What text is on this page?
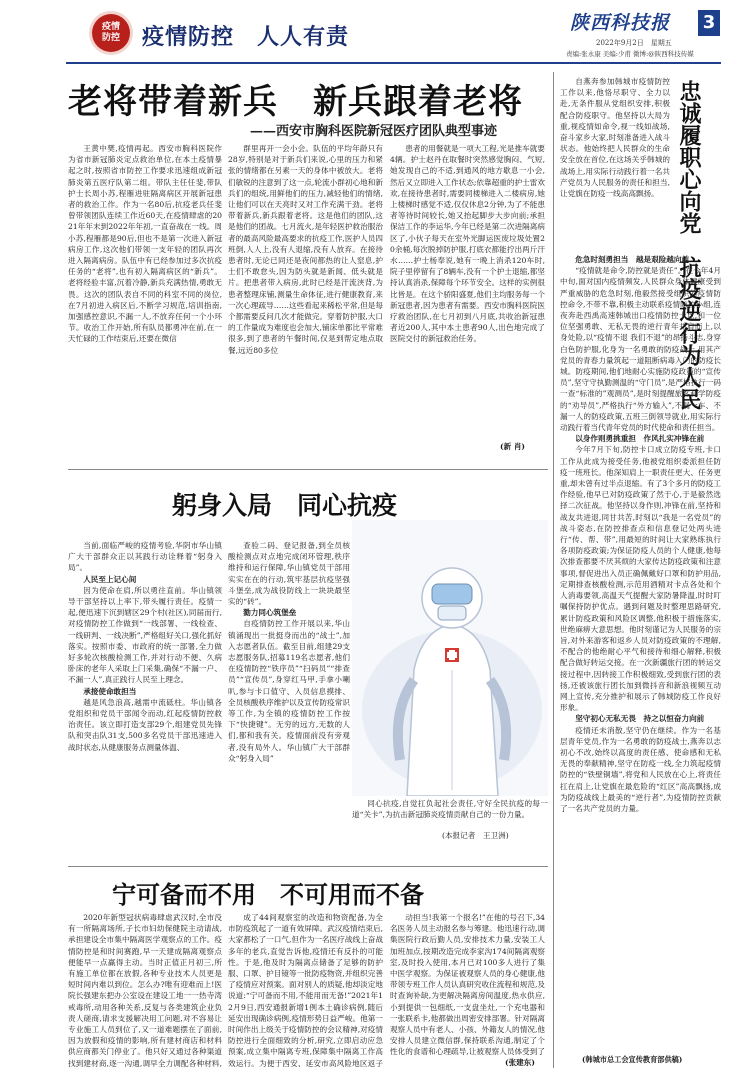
疫情
防控	疫情防控　人人有责
陕西科技报 3
2022年9月2日　星期五
责编:张永康 美编:少甫 微博:@陕西科技传媒
老将带着新兵　新兵跟着老将
——西安市胸科医院新冠医疗团队典型事迹

王黄中樊,疫情再起。西安市胸科医院作为省市新冠肺炎定点救治单位,在本土疫情暴起之时,按照省市防控工作要求迅速组成新冠肺炎第五医疗队第二组。带队主任任斐,带队护士长周小苏,程雁进驻隔离病区开展新冠患者的救治工作。作为一名80后,抗疫老兵任斐曾带领团队连续工作近60天,在疫情肆虐的2021年年末到2022年年初,一直奋战在一线。周小苏,程雁都是90后,但也不是第一次进入新冠病房工作,这次他们带领一支年轻的团队再次进入隔离病房。队伍中有已经参加过多次抗疫任务的“老将”,也有初入隔离病区的“新兵”。老将经验丰富,沉着冷静,新兵充满热情,勇敢无畏。这次的团队表自不同的科室不同的岗位,在7月初进入病区后,不断学习规范,培训指南,加强感控意识,不漏一人,不放弃任何一个小环节。收治工作开始,所有队员都勇冲在前,在一天忙碌的工作结束后,还要在微信

群里再开一会小会。队伍的平均年龄只有28岁,特别是对于新兵们来说,心里的压力和紧张的情绪都在另素一天的身体中被放大。老将们敏锐的注意到了这一点,轮流小群初心地和新兵们的组统,用鲜他们的压力,减轻他们的情绪,让他们可以在天亮时又对工作充满干劲。老将带着新兵,新兵跟着老将。这是他们的团队,这是他们的团战。七月流火,是年轻医护救治服治者的最高风险最高要求的抗疫工作,医护人员四班倒,人人上,没有人退缩,没有人放弃。在接待患者时,无论已同还是夜间都热的让人窒息,护士们不敢怠头,因为防头就是新闻、低头就是片。把患者带入病房,此时已经是汗流浃背,为患者整理床铺,测量生命体征,进行健康教育,来一次心理疏导……这些看起来稀松平常,但是每个都需要反问几次才能做完。穿着防护服,大口的工作量成为难度也会加大,铺床单都比平常难很多,到了患者的午餐时间,仅是到帮定地点取餐,远近80多位

患者的用餐就是一项大工程,光是推车就要4辆。护士赵丹在取餐时突然感觉胸闷、气短,她发现自己的不适,到通风的地方歇息一小会,然后又立即进入工作状态;依靠超重的护士雷欢欢,在接待患者时,需要同楼梯进入二楼病房,她上楼梯时感觉不适,仅仅休息2分钟,为了不能患者等待时间较长,她又抬起脚步大步向前;承担保洁工作的李运华,今年已经是第二次进隔离病区了,小伙子每天在室外光脚运医废垃圾处置20余桶,每次脱掉防护服,打底衣都能拧出两斤汗水……护士杨奉说,她有一晚上消杀120车时,院子里停留有了8辆车,没有一个护士退缩,都坚持认真消杀,保障每个环节安全。这样的实例很比皆是。在这个骄阳盛夏,他们主均服务每一个新冠患者,因为患者有需要。西安市胸科医院医疗救治团队,在七月初到八月底,共收治新冠患者近200人,其中本土患者90人,出色地完成了医院交付的新冠救治任务。

(新 肖)
躬身入局　同心抗疫

当前,面临严峻的疫情考验,华阴市华山镇广大干部群众正以其践行动诠释着“躬身入局”。

人民至上记心间

因为使命在肩,所以勇往直前。华山镇领导干部坚持以上率下,带头履行责任。疫情一起,便迅速下沉到辖区29个村(社区),同届而行,对疫情防控工作做到“一线部署、一线检查、一线研判、一线决断”,严格组好关口,强化抓好落实。按照市委、市政府的统一部署,全力做好多轮次核酸检测工作,并对行动不便、久病卧床的老年人采取上门采集,确保“不漏一户、不漏一人”,真正践行人民至上理念。

承接使命敢担当

越是风急浪高,越需中流砥柱。华山镇各党组织和党员干部闻令而动,红起疫情防控救治责任。该立即打造支部29个,组建党员先锋队和突击队31支,500多名党员干部迅速进入战时状态,从健康服务点测量体温、

查验二码、登记报备,到全员核酸检测点对点地完成闭环管理,秩序维持和运行保障,华山镇党员干部用实实在在的行动,筑牢基层抗疫坚强斗堡垒,成为战役防线上一块块最坚实的“砖”。

勠力同心筑堡垒

自疫情防控工作开展以来,华山镇涌现出一批挺身而出的“战士”,加入志愿者队伍。截至目前,组建29支志愿服务队,招募119名志愿者,他们在疫情防控“铁序员”“扫码员”“排查员”“宣传员”,身穿红马甲,手拿小喇叭,参与卡口值守、入员信息摸排、全员核酸秩序维护以及宣传防疫常识等工作,为全镇的疫情防控工作按下“快捷键”。无穷的远方,无数的人们,都和我有关。疫情面前没有旁观者,没有局外人。华山镇广大干部群众“躬身入局”

同心抗疫,自觉扛负起社会责任,守好全民抗疫的每一道“关卡”,为抗击新冠肺炎疫情贡献自己的一份力量。

(本报记者　王卫洲)
宁可备而不用　不可用而不备

2020年新型冠状病毒肆虐武汉时,全市没有一所隔离场所,子长市妇幼保健院主动请战,承担建设全市集中隔离医学观察点的工作。疫情防控是和时间赛跑,早一天建成隔离观察点便能早一点赢得主动。当时正值正月初三,所有施工单位都在放假,各种专业技术人员更是短时间内难以到位。怎么办?唯有迎难而上!医院长强建东把办公室设在建设工地一一热寺湾戒毒所,动用各种关系,反复与各类建筑企业负责人磋商,请求支援解决用工问题,对不容易让专业施工人员到位了,又一道难题摆在了面前,因为放假和疫情的影响,所有建材商店和材料供应商都关门停业了。他只好又通过各种渠道找到建材商,逐一沟通,调早全力调配各种材料,

成了44间观察室的改造和物资配备,为全市防疫筑起了一道有效屏障。武汉疫情结束后,大家都松了一口气,但作为一名医疗战线上奋战多年的老兵,直觉告诉他,疫情还有反扑的可能性。于是,他及时为隔离点储备了足够的防护服、口罩、护目镜等一批防疫物资,并组织完善了疫情应对预案。面对别人的质疑,他却淡定地说道:“宁可备而不用,不能用而无备!”2021年12月9日,西安通报新增1例本土确诊病例,随后延安出现确诊病例,疫情形势日益严峻。他第一时间作出上级关于疫情防控的会议精神,对疫情防控进行全面细致的分析,研究,立即启动应急预案,成立集中隔离专班,保障集中隔离工作高效运行。为便于西安、延安市高风险地区返子

动担当!我第一个报名!”在他的号召下,34名医务人员主动报名参与筹建。他迅速行动,调集医院行政后勤人员,安排技术力量,安装工人加班加点,按期改造完成李家沟174间隔离观察室,及时投入使用,本月已对100多人进行了集中医学观察。为保证被观察人员的身心健康,他带领专班工作人员认真研究收住流程和规范,及时查询补缺,为更解决隔离房间温度,热水供应,小到提供一包细纸,一支盘坐灶,一个充电器和一张联系卡,他都做出周密安排部署。针对隔离观察人员中有老人、小孩、外籍友人的情况,他安排人员建立微信群,保持联系沟通,制定了个性化的食谱和心理疏导,让被观察人员体受到了

(张建东)

自燕奔参加韩城市疫情防控工作以来,他恪尽职守、全力以赴,无条件服从党组织安排,积极配合防疫职守。他坚持以大局为重,视疫情如命令,视一线如战场,奋斗家乡大家,时刻准备进入战斗状态。他始终把人民群众的生命安全放在首位,在这场关乎韩城的战场上,用实际行动践行着一名共产党员为人民服务的责任和担当,让党旗在防疫一线高高飘扬。 忠诚履职心向党　抗疫逆行为人民

危急时刻勇担当　越是艰险越向前

“疫情就是命令,防控就是责任”。在今年4月中旬,面对国内疫情频发,人民群众身体健康受到严重威胁的危急时刻,他毅然接受组织的疫情防控命令,不带不靠,积极主动联系疫情防控小组,连夜奔赴西禹高速韩城出口疫情防控卡点,和一位位坚强勇敢、无私无畏的逆行青年并肩而上,以身处险,以“疫情不退 我们不退”的昂扬斗志,身穿白色防护服,化身为一名勇敢的防疫战士,用其产党员的青春力量筑起一道阻断病毒入门的防疫长城。防疫期间,他们地耐心实施防疫政策的“宣传员”,坚守守执勤测温的“守门员”,是严格执行一码一查“标准的”观测员”,是时刻提醒旅客科学防疫的“劝导员”,严格执行“外方输入”,不漏一车、不漏一人的防疫政策,五班三倒领导就业,用实际行动践行着当代青年党员的时代使命和责任担当。

以身作则勇挑重担　作风扎实冲锋在前

今年7月下旬,防控卡口成立防疫专班,卡口工作从此成为接受任务,他被党组织委派担任防疫一班班长。他深知肩上一职责任更大、任务更重,却未曾有过半点退缩。有了3个多月的防疫工作经验,他早已对防疫政策了然于心,于是毅然选择二次征战。他坚持以身作则,冲锋在前,坚持和战友共进退,同甘共苦,时刻以“我是一名党员”的战斗姿态,在防控排查点和信息登记处两头进行“传、帮、带”,用最短的时间让大家熟练执行各项防疫政策;为保证防疫人员的个人健康,他每次排查都要不厌其烦的大家传达防疫政策和注意事项,督促进出入员正确佩戴好口罩和防护用品,定期排查核酸检测,示范用酒精对卡点各处和个人消毒要领,高温天气提醒大家防暑降温,时时叮嘱保持防护优点。遇到问题及时整理思路研究,累计防疫政策和风险区调整,他积极于措施落实,世绝麻痹大意思想。他时刻谨记为人民服务的宗旨,对外来游客和返乡人员对防疫政策的不理解,不配合的他绝耐心平气和接待和细心解释,积极配合做好转运交接。在一次新疆旅行团的转运交接过程中,因转接工作积极细致,受到旅行团的表扬,还被该旅行团长加到微抖音和新浪视频互动网上宣传,充分推护和展示了韩城防疫工作良好形象。

坚守初心无私无畏　持之以恒奋力向前

疫情还未消散,坚守仍在继续。作为一名基层青年党员,作为一名勇敢的防疫战士,燕奔以志初心不改,始终以高度的责任感、使命感和无私无畏的奉献精神,坚守在防疫一线,全力筑起疫情防控的“铁壁铜墙”,将党和人民放在心上,将责任扛在肩上,让党旗在最危险的“红区”高高飘扬,成为防疫战线上最美的“逆行者”,为疫情防控贡献了一名共产党员的力量。

(韩城市总工会宣传教育部供稿)
